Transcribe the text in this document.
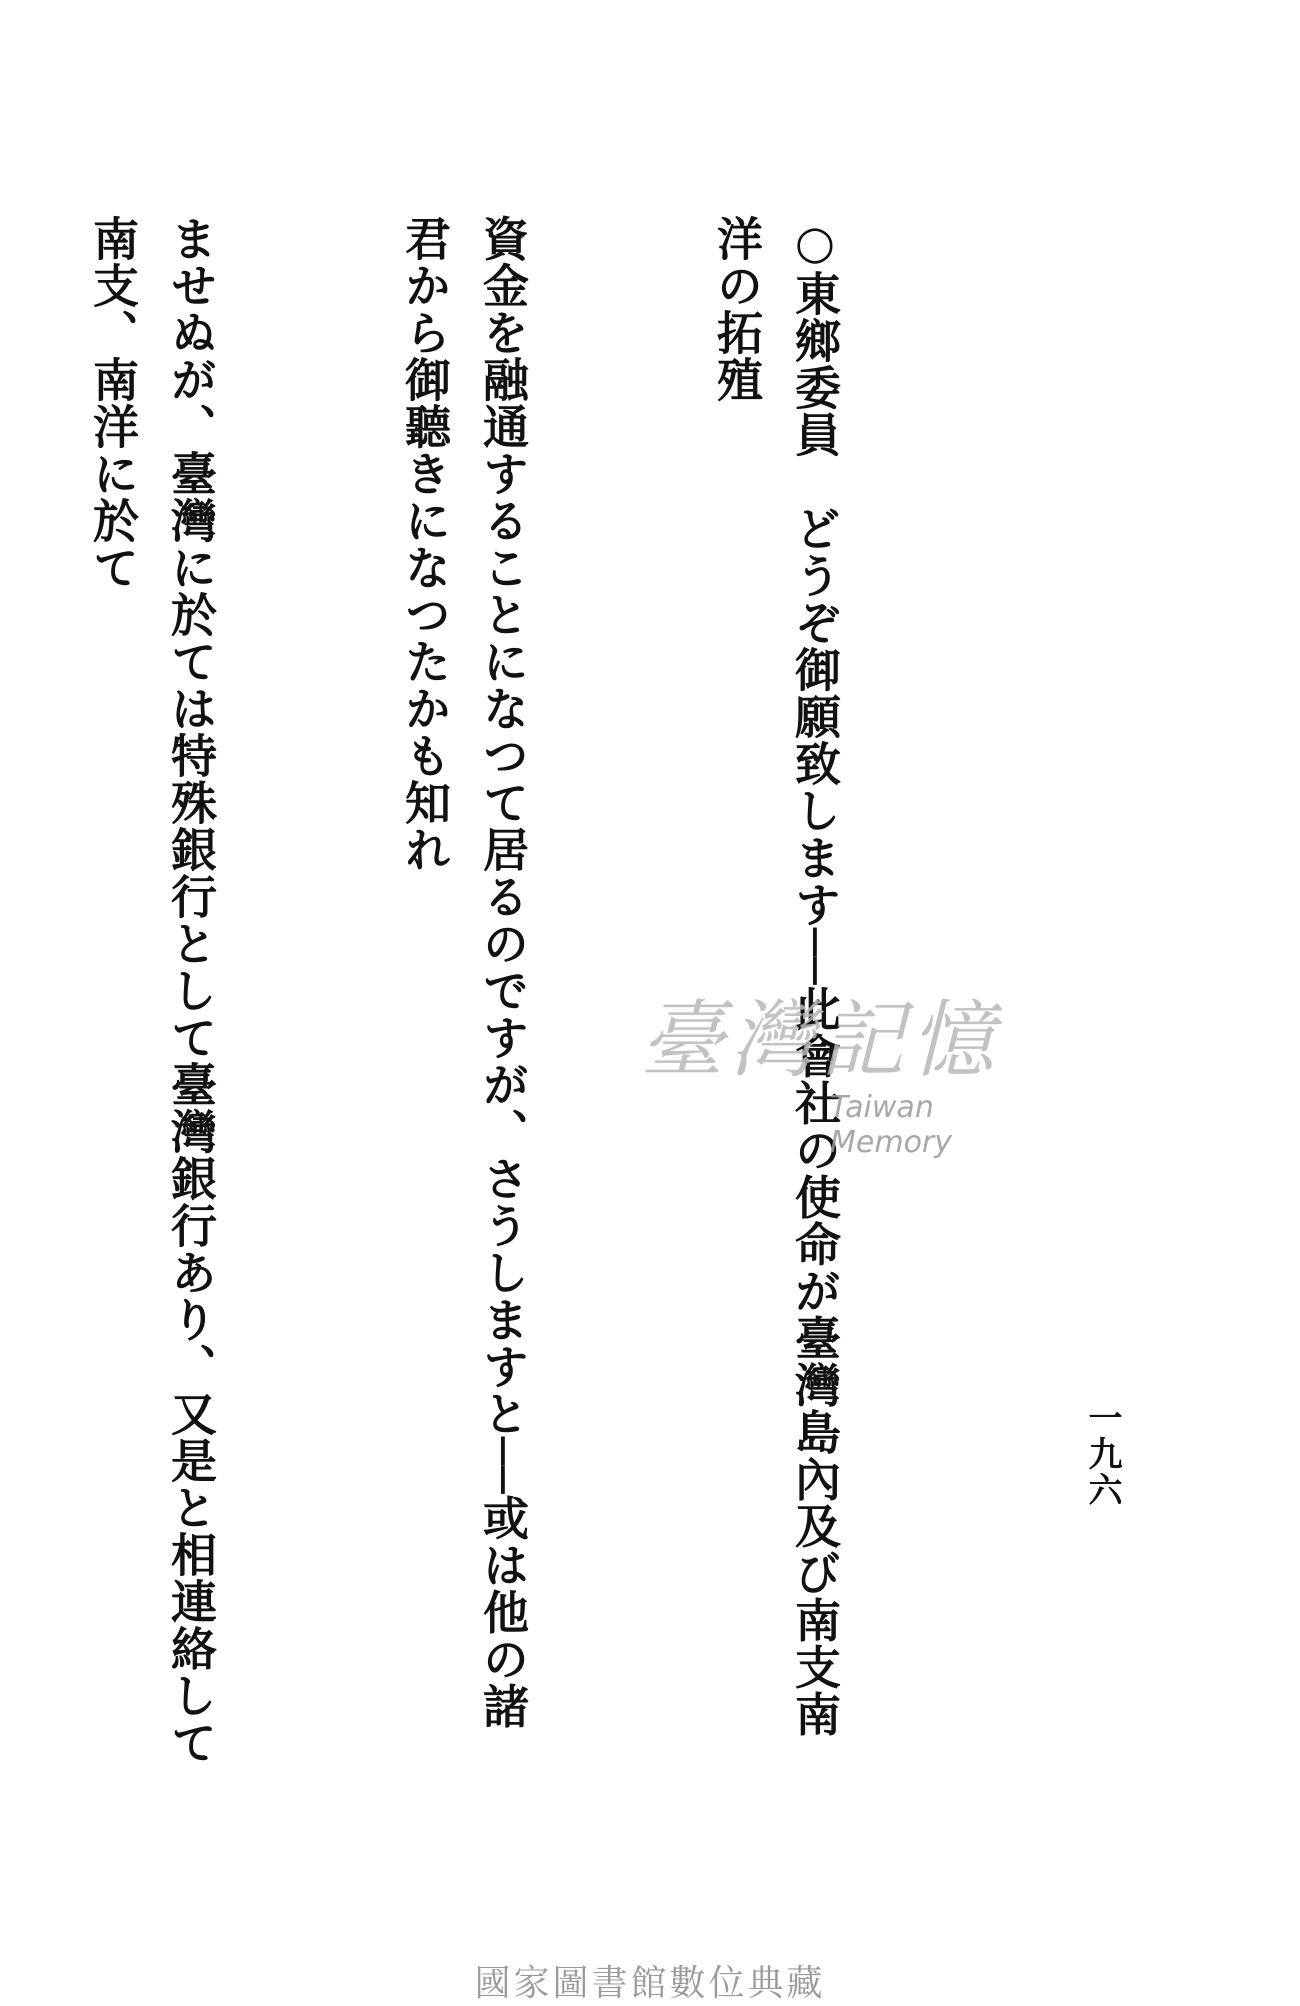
一九六

○東鄉委員　どうぞ御願致します──此會社の使命が臺灣島內及び南支南洋の拓殖

資金を融通することになつて居るのですが、さうしますと──或は他の諸君から御聽きになつたかも知れ

ませぬが、臺灣に於ては特殊銀行として臺灣銀行あり、又是と相連絡して南支、南洋に於て

臺灣記憶
Taiwan Memory
國家圖書館數位典藏
